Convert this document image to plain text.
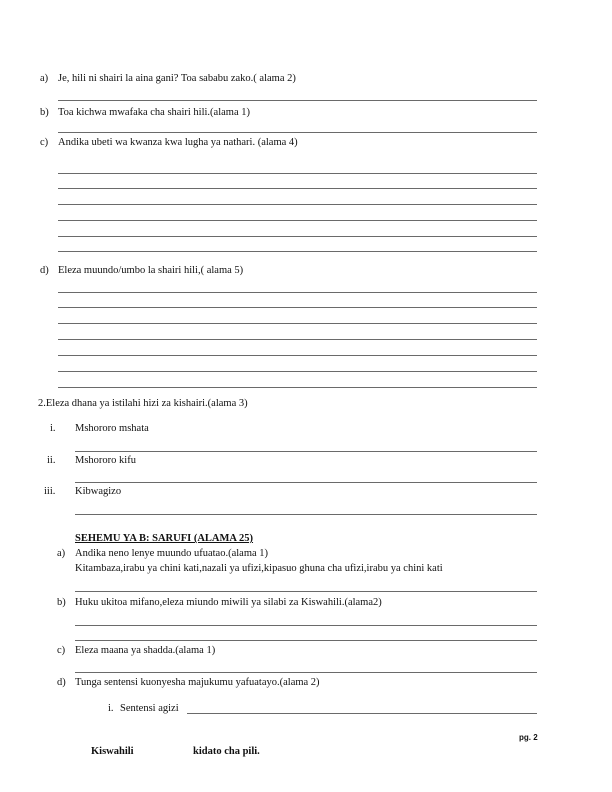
a) Je, hili ni shairi la aina gani? Toa sababu zako.( alama 2)
b) Toa kichwa mwafaka cha shairi hili.(alama 1)
c) Andika ubeti wa kwanza kwa lugha ya nathari. (alama 4)
d) Eleza muundo/umbo la shairi hili,( alama 5)
2.Eleza dhana ya istilahi hizi za kishairi.(alama 3)
i. Mshororo mshata
ii. Mshororo kifu
iii. Kibwagizo
SEHEMU YA B: SARUFI (ALAMA 25)
a) Andika neno lenye muundo ufuatao.(alama 1)
Kitambaza,irabu ya chini kati,nazali ya ufizi,kipasuo ghuna cha ufizi,irabu ya chini kati
b) Huku ukitoa mifano,eleza miundo miwili ya silabi za Kiswahili.(alama2)
c) Eleza maana ya shadda.(alama 1)
d) Tunga sentensi kuonyesha majukumu yafuatayo.(alama 2)
i. Sentensi agizi
pg. 2
Kiswahili	kidato cha pili.
